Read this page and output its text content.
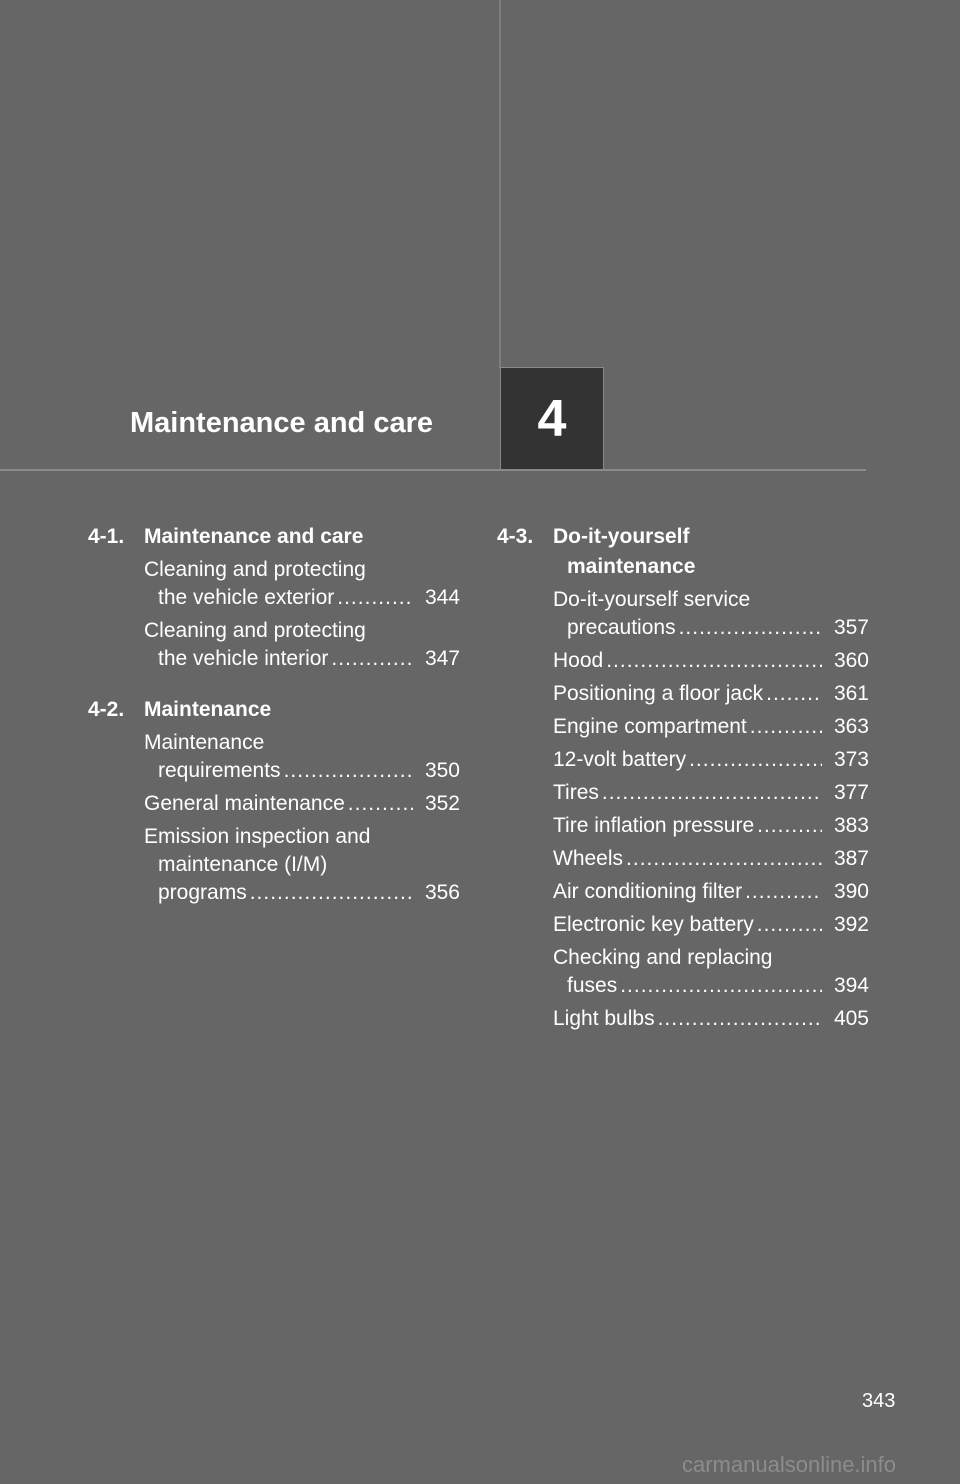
Maintenance and care 4
4-1. Maintenance and care
Cleaning and protecting
the vehicle exterior .....	344
Cleaning and protecting
the vehicle interior .....	347
4-2. Maintenance
Maintenance
requirements .....	350
General maintenance .....	352
Emission inspection and
maintenance (I/M)
programs .....	356
4-3. Do-it-yourself
maintenance
Do-it-yourself service
precautions .....	357
Hood .....	360
Positioning a floor jack .....	361
Engine compartment .....	363
12-volt battery .....	373
Tires .....	377
Tire inflation pressure .....	383
Wheels .....	387
Air conditioning filter .....	390
Electronic key battery .....	392
Checking and replacing
fuses .....	394
Light bulbs .....	405
343
carmanualsonline.info
